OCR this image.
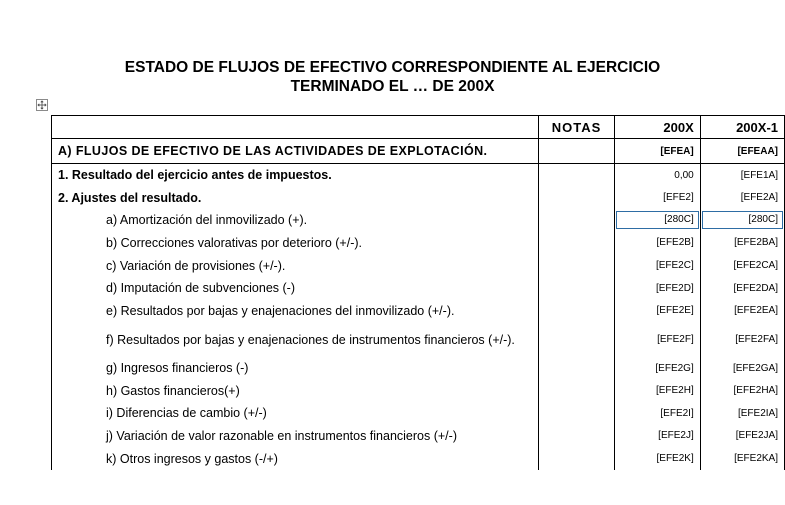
ESTADO DE FLUJOS DE EFECTIVO CORRESPONDIENTE AL EJERCICIO
TERMINADO EL … DE 200X
	NOTAS	200X	200X-1
A) FLUJOS DE EFECTIVO DE LAS ACTIVIDADES DE EXPLOTACIÓN.		[EFEA]	[EFEAA]
1. Resultado del ejercicio antes de impuestos.		0,00	[EFE1A]
2. Ajustes del resultado.		[EFE2]	[EFE2A]
a) Amortización del inmovilizado (+).		[280C]	[280C]

b) Correcciones valorativas por deterioro (+/-).		[EFE2B]	[EFE2BA]
c) Variación de provisiones (+/-).		[EFE2C]	[EFE2CA]
d) Imputación de subvenciones (-)		[EFE2D]	[EFE2DA]
e) Resultados por bajas y enajenaciones del inmovilizado (+/-).		[EFE2E]	[EFE2EA]
f) Resultados por bajas y enajenaciones de instrumentos financieros (+/-).		[EFE2F]	[EFE2FA]
g) Ingresos financieros (-)		[EFE2G]	[EFE2GA]
h) Gastos financieros(+)		[EFE2H]	[EFE2HA]
i) Diferencias de cambio (+/-)		[EFE2I]	[EFE2IA]
j) Variación de valor razonable en instrumentos financieros (+/-)		[EFE2J]	[EFE2JA]
k) Otros ingresos y gastos (-/+)		[EFE2K]	[EFE2KA]
